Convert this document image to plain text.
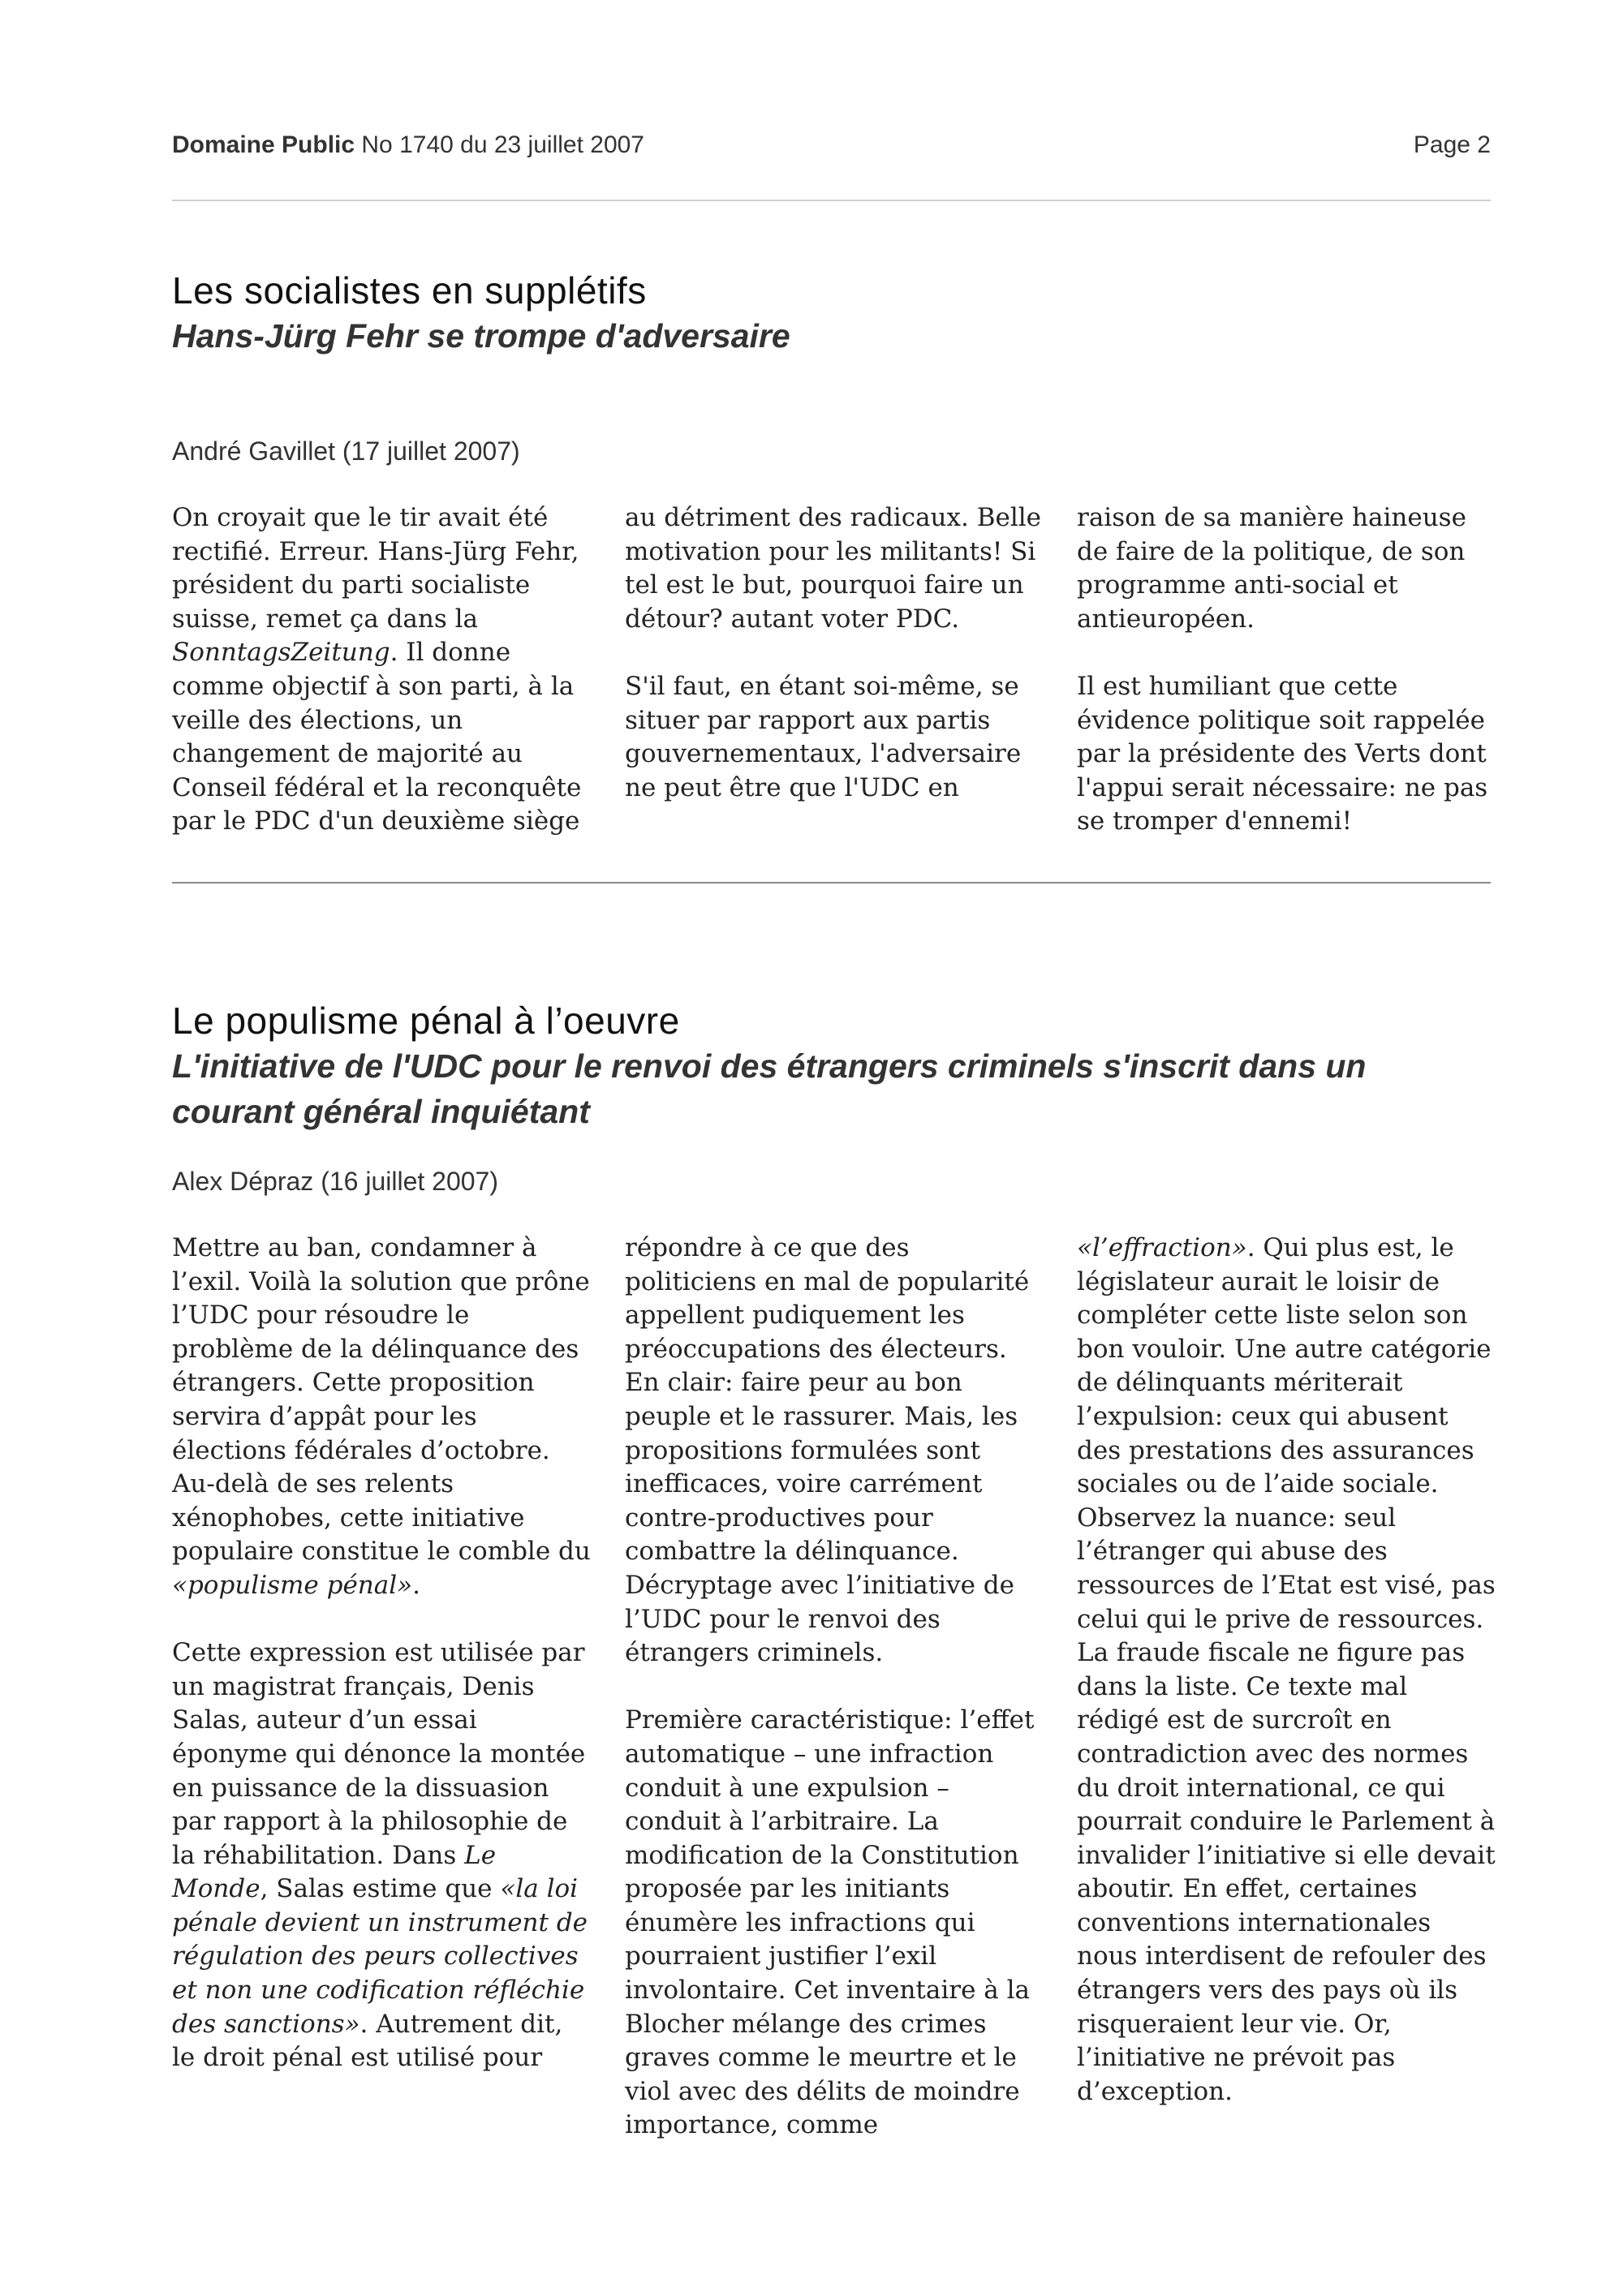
Domaine Public No 1740 du 23 juillet 2007	Page 2
Les socialistes en supplétifs
Hans-Jürg Fehr se trompe d'adversaire
André Gavillet (17 juillet 2007)

On croyait que le tir avait été rectifié. Erreur. Hans-Jürg Fehr, président du parti socialiste suisse, remet ça dans la SonntagsZeitung. Il donne comme objectif à son parti, à la veille des élections, un changement de majorité au Conseil fédéral et la reconquête par le PDC d'un deuxième siège

au détriment des radicaux. Belle motivation pour les militants! Si tel est le but, pourquoi faire un détour? autant voter PDC.

S'il faut, en étant soi-même, se situer par rapport aux partis gouvernementaux, l'adversaire ne peut être que l'UDC en

raison de sa manière haineuse de faire de la politique, de son programme anti-social et antieuropéen.

Il est humiliant que cette évidence politique soit rappelée par la présidente des Verts dont l'appui serait nécessaire: ne pas se tromper d'ennemi!

Le populisme pénal à l’oeuvre
L'initiative de l'UDC pour le renvoi des étrangers criminels s'inscrit dans un courant général inquiétant
Alex Dépraz (16 juillet 2007)

Mettre au ban, condamner à l’exil. Voilà la solution que prône l’UDC pour résoudre le problème de la délinquance des étrangers. Cette proposition servira d’appât pour les élections fédérales d’octobre. Au-delà de ses relents xénophobes, cette initiative populaire constitue le comble du «populisme pénal».

Cette expression est utilisée par un magistrat français, Denis Salas, auteur d’un essai éponyme qui dénonce la montée en puissance de la dissuasion par rapport à la philosophie de la réhabilitation. Dans Le Monde, Salas estime que «la loi pénale devient un instrument de régulation des peurs collectives et non une codification réfléchie des sanctions». Autrement dit, le droit pénal est utilisé pour

répondre à ce que des politiciens en mal de popularité appellent pudiquement les préoccupations des électeurs. En clair: faire peur au bon peuple et le rassurer. Mais, les propositions formulées sont inefficaces, voire carrément contre-productives pour combattre la délinquance. Décryptage avec l’initiative de l’UDC pour le renvoi des étrangers criminels.

Première caractéristique: l’effet automatique – une infraction conduit à une expulsion – conduit à l’arbitraire. La modification de la Constitution proposée par les initiants énumère les infractions qui pourraient justifier l’exil involontaire. Cet inventaire à la Blocher mélange des crimes graves comme le meurtre et le viol avec des délits de moindre importance, comme

«l’effraction». Qui plus est, le législateur aurait le loisir de compléter cette liste selon son bon vouloir. Une autre catégorie de délinquants mériterait l’expulsion: ceux qui abusent des prestations des assurances sociales ou de l’aide sociale. Observez la nuance: seul l’étranger qui abuse des ressources de l’Etat est visé, pas celui qui le prive de ressources. La fraude fiscale ne figure pas dans la liste. Ce texte mal rédigé est de surcroît en contradiction avec des normes du droit international, ce qui pourrait conduire le Parlement à invalider l’initiative si elle devait aboutir. En effet, certaines conventions internationales nous interdisent de refouler des étrangers vers des pays où ils risqueraient leur vie. Or, l’initiative ne prévoit pas d’exception.
